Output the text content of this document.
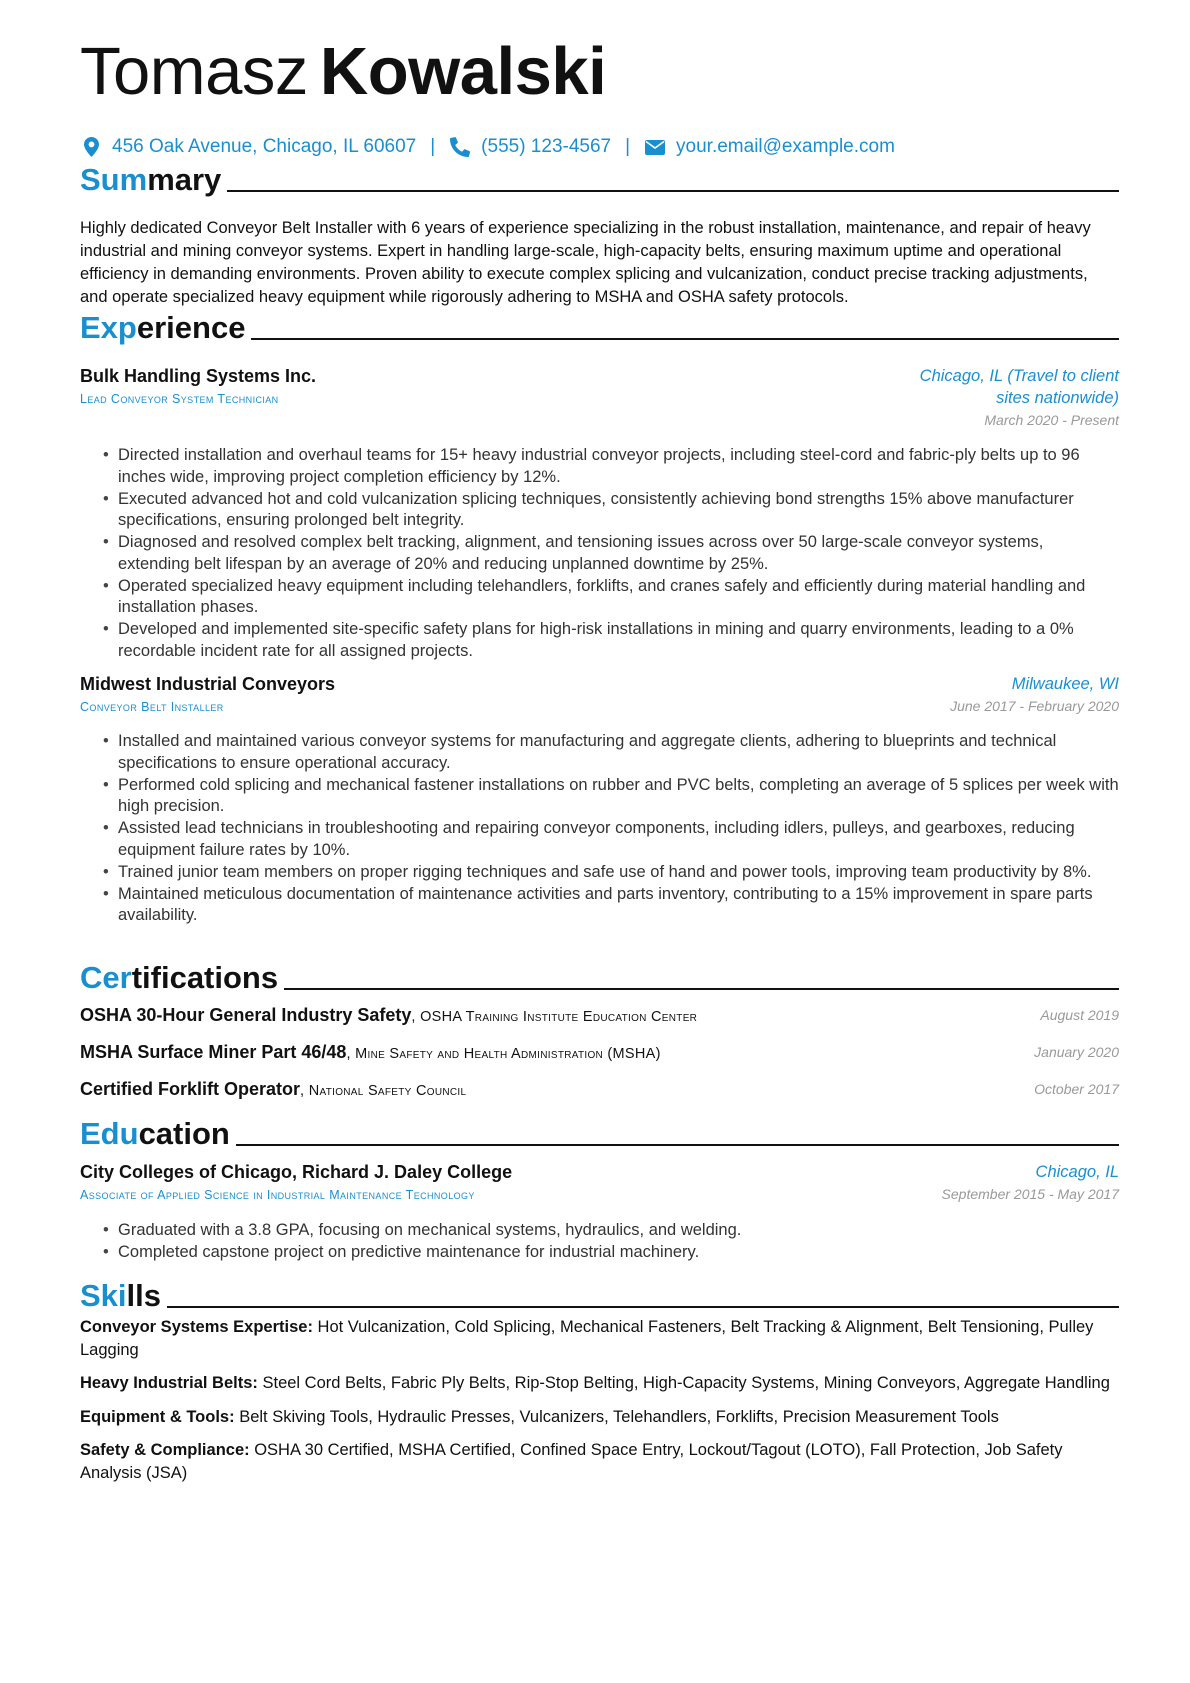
Tomasz Kowalski
456 Oak Avenue, Chicago, IL 60607 | (555) 123-4567 | your.email@example.com
Summary

Highly dedicated Conveyor Belt Installer with 6 years of experience specializing in the robust installation, maintenance, and repair of heavy industrial and mining conveyor systems. Expert in handling large-scale, high-capacity belts, ensuring maximum uptime and operational efficiency in demanding environments. Proven ability to execute complex splicing and vulcanization, conduct precise tracking adjustments, and operate specialized heavy equipment while rigorously adhering to MSHA and OSHA safety protocols.

Experience
Bulk Handling Systems Inc.
Lead Conveyor System Technician
Chicago, IL (Travel to client
sites nationwide)
March 2020 - Present
• Directed installation and overhaul teams for 15+ heavy industrial conveyor projects, including steel-cord and fabric-ply belts up to 96 inches wide, improving project completion efficiency by 12%.
• Executed advanced hot and cold vulcanization splicing techniques, consistently achieving bond strengths 15% above manufacturer specifications, ensuring prolonged belt integrity.
• Diagnosed and resolved complex belt tracking, alignment, and tensioning issues across over 50 large-scale conveyor systems, extending belt lifespan by an average of 20% and reducing unplanned downtime by 25%.
• Operated specialized heavy equipment including telehandlers, forklifts, and cranes safely and efficiently during material handling and installation phases.
• Developed and implemented site-specific safety plans for high-risk installations in mining and quarry environments, leading to a 0% recordable incident rate for all assigned projects.
Midwest Industrial Conveyors
Conveyor Belt Installer
Milwaukee, WI
June 2017 - February 2020
• Installed and maintained various conveyor systems for manufacturing and aggregate clients, adhering to blueprints and technical specifications to ensure operational accuracy.
• Performed cold splicing and mechanical fastener installations on rubber and PVC belts, completing an average of 5 splices per week with high precision.
• Assisted lead technicians in troubleshooting and repairing conveyor components, including idlers, pulleys, and gearboxes, reducing equipment failure rates by 10%.
• Trained junior team members on proper rigging techniques and safe use of hand and power tools, improving team productivity by 8%.
• Maintained meticulous documentation of maintenance activities and parts inventory, contributing to a 15% improvement in spare parts availability.
Certifications
OSHA 30-Hour General Industry Safety, OSHA Training Institute Education Center	August 2019
MSHA Surface Miner Part 46/48, Mine Safety and Health Administration (MSHA)	January 2020
Certified Forklift Operator, National Safety Council	October 2017
Education
City Colleges of Chicago, Richard J. Daley College
Associate of Applied Science in Industrial Maintenance Technology
Chicago, IL
September 2015 - May 2017
• Graduated with a 3.8 GPA, focusing on mechanical systems, hydraulics, and welding.
• Completed capstone project on predictive maintenance for industrial machinery.
Skills

Conveyor Systems Expertise: Hot Vulcanization, Cold Splicing, Mechanical Fasteners, Belt Tracking & Alignment, Belt Tensioning, Pulley Lagging

Heavy Industrial Belts: Steel Cord Belts, Fabric Ply Belts, Rip-Stop Belting, High-Capacity Systems, Mining Conveyors, Aggregate Handling

Equipment & Tools: Belt Skiving Tools, Hydraulic Presses, Vulcanizers, Telehandlers, Forklifts, Precision Measurement Tools

Safety & Compliance: OSHA 30 Certified, MSHA Certified, Confined Space Entry, Lockout/Tagout (LOTO), Fall Protection, Job Safety Analysis (JSA)
